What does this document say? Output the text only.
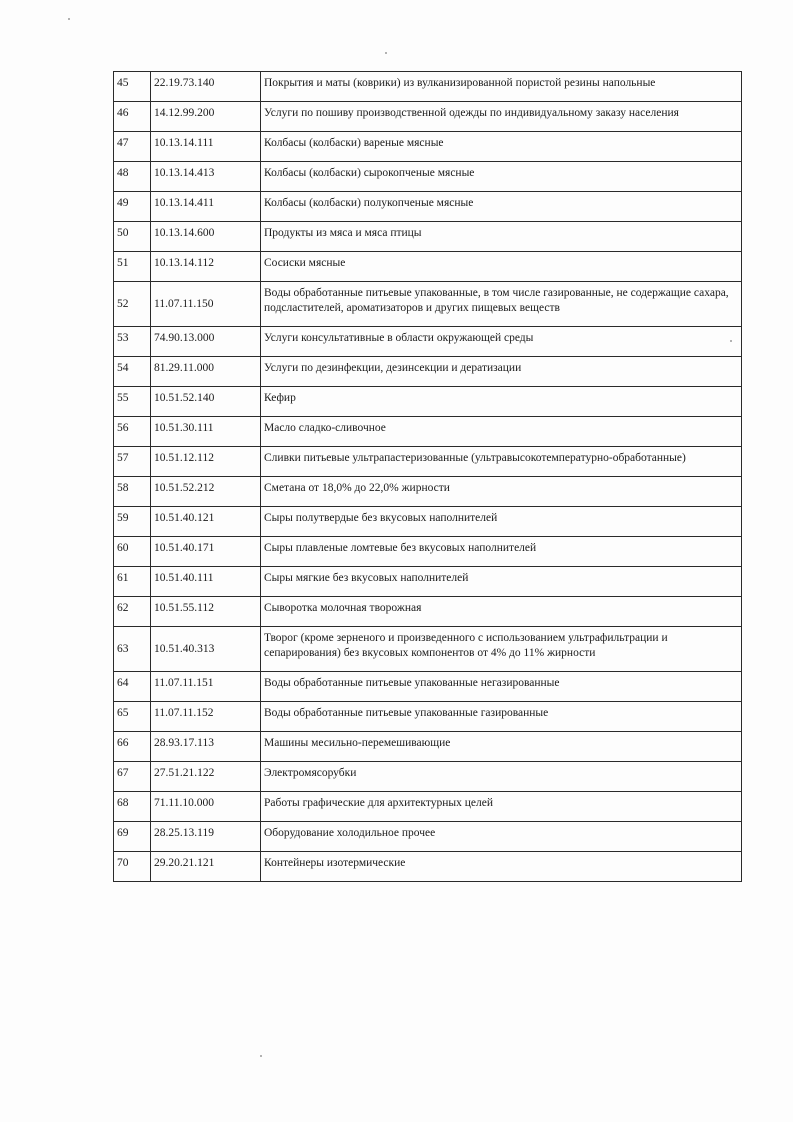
45	22.19.73.140	Покрытия и маты (коврики) из вулканизированной пористой резины напольные
46	14.12.99.200	Услуги по пошиву производственной одежды по индивидуальному заказу населения
47	10.13.14.111	Колбасы (колбаски) вареные мясные
48	10.13.14.413	Колбасы (колбаски) сырокопченые мясные
49	10.13.14.411	Колбасы (колбаски) полукопченые мясные
50	10.13.14.600	Продукты из мяса и мяса птицы
51	10.13.14.112	Сосиски мясные
52	11.07.11.150	Воды обработанные питьевые упакованные, в том числе газированные, не содержащие сахара, подсластителей, ароматизаторов и других пищевых веществ
53	74.90.13.000	Услуги консультативные в области окружающей среды
54	81.29.11.000	Услуги по дезинфекции, дезинсекции и дератизации
55	10.51.52.140	Кефир
56	10.51.30.111	Масло сладко-сливочное
57	10.51.12.112	Сливки питьевые ультрапастеризованные (ультравысокотемпературно-обработанные)
58	10.51.52.212	Сметана от 18,0% до 22,0% жирности
59	10.51.40.121	Сыры полутвердые без вкусовых наполнителей
60	10.51.40.171	Сыры плавленые ломтевые без вкусовых наполнителей
61	10.51.40.111	Сыры мягкие без вкусовых наполнителей
62	10.51.55.112	Сыворотка молочная творожная
63	10.51.40.313	Творог (кроме зерненого и произведенного с использованием ультрафильтрации и сепарирования) без вкусовых компонентов от 4% до 11% жирности
64	11.07.11.151	Воды обработанные питьевые упакованные негазированные
65	11.07.11.152	Воды обработанные питьевые упакованные газированные
66	28.93.17.113	Машины месильно-перемешивающие
67	27.51.21.122	Электромясорубки
68	71.11.10.000	Работы графические для архитектурных целей
69	28.25.13.119	Оборудование холодильное прочее
70	29.20.21.121	Контейнеры изотермические
